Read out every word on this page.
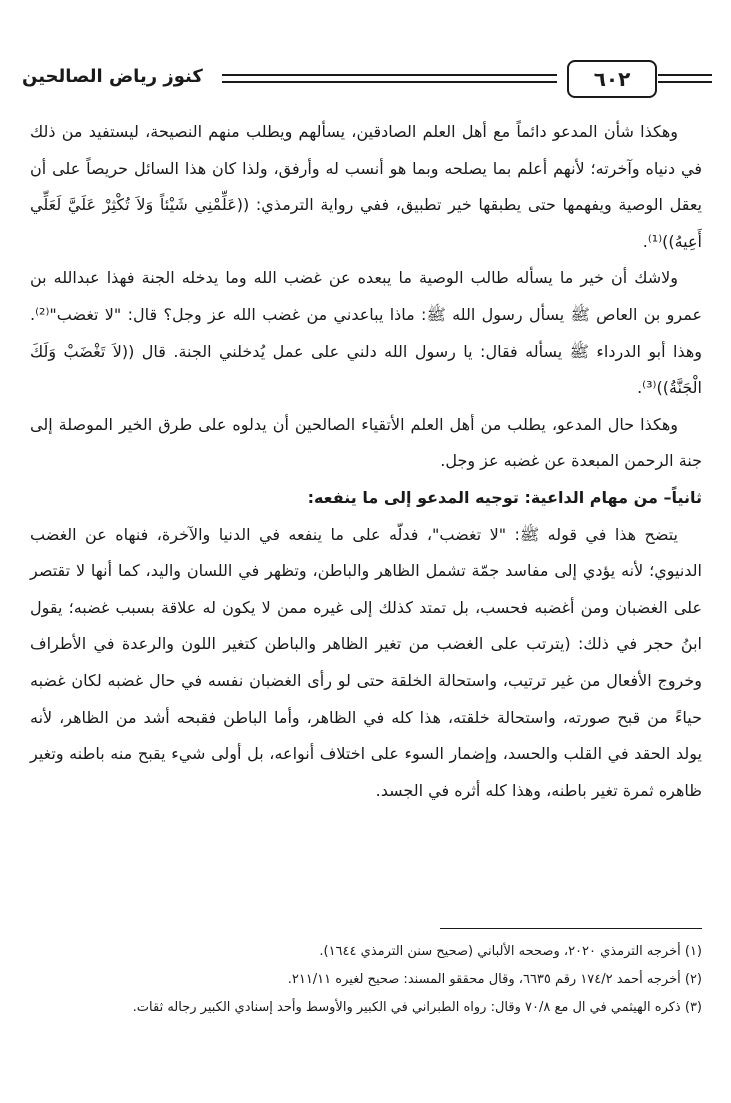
كنوز رياض الصالحين	٦٠٢

وهكذا شأن المدعو دائماً مع أهل العلم الصادقين، يسألهم ويطلب منهم النصيحة، ليستفيد من ذلك في دنياه وآخرته؛ لأنهم أعلم بما يصلحه وبما هو أنسب له وأرفق، ولذا كان هذا السائل حريصاً على أن يعقل الوصية ويفهمها حتى يطبقها خير تطبيق، ففي رواية الترمذي: ((عَلِّمْنِي شَيْئاً وَلاَ تُكْثِرْ عَلَيَّ لَعَلِّي أَعِيهُ))⁽¹⁾.

ولاشك أن خير ما يسأله طالب الوصية ما يبعده عن غضب الله وما يدخله الجنة فهذا عبدالله بن عمرو بن العاص ﷺ يسأل رسول الله ﷺ: ماذا يباعدني من غضب الله عز وجل؟ قال: "لا تغضب"⁽²⁾. وهذا أبو الدرداء ﷺ يسأله فقال: يا رسول الله دلني على عمل يُدخلني الجنة. قال ((لاَ تَغْضَبْ وَلَكَ الْجَنَّةُ))⁽³⁾.

وهكذا حال المدعو، يطلب من أهل العلم الأتقياء الصالحين أن يدلوه على طرق الخير الموصلة إلى جنة الرحمن المبعدة عن غضبه عز وجل.

ثانياً– من مهام الداعية: توجيه المدعو إلى ما ينفعه:

يتضح هذا في قوله ﷺ: "لا تغضب"، فدلّه على ما ينفعه في الدنيا والآخرة، فنهاه عن الغضب الدنيوي؛ لأنه يؤدي إلى مفاسد جمّة تشمل الظاهر والباطن، وتظهر في اللسان واليد، كما أنها لا تقتصر على الغضبان ومن أغضبه فحسب، بل تمتد كذلك إلى غيره ممن لا يكون له علاقة بسبب غضبه؛ يقول ابنُ حجر في ذلك: (يترتب على الغضب من تغير الظاهر والباطن كتغير اللون والرعدة في الأطراف وخروج الأفعال من غير ترتيب، واستحالة الخلقة حتى لو رأى الغضبان نفسه في حال غضبه لكان غضبه حياءً من قبح صورته، واستحالة خلقته، هذا كله في الظاهر، وأما الباطن فقبحه أشد من الظاهر، لأنه يولد الحقد في القلب والحسد، وإضمار السوء على اختلاف أنواعه، بل أولى شيء يقبح منه باطنه وتغير ظاهره ثمرة تغير باطنه، وهذا كله أثره في الجسد.

(١) أخرجه الترمذي ٢٠٢٠، وصححه الألباني (صحيح سنن الترمذي ١٦٤٤).

(٢) أخرجه أحمد ١٧٤/٢ رقم ٦٦٣٥، وقال محققو المسند: صحيح لغيره ٢١١/١١.

(٣) ذكره الهيثمي في ال مع ٧٠/٨ وقال: رواه الطبراني في الكبير والأوسط وأحد إسنادي الكبير رجاله ثقات.
